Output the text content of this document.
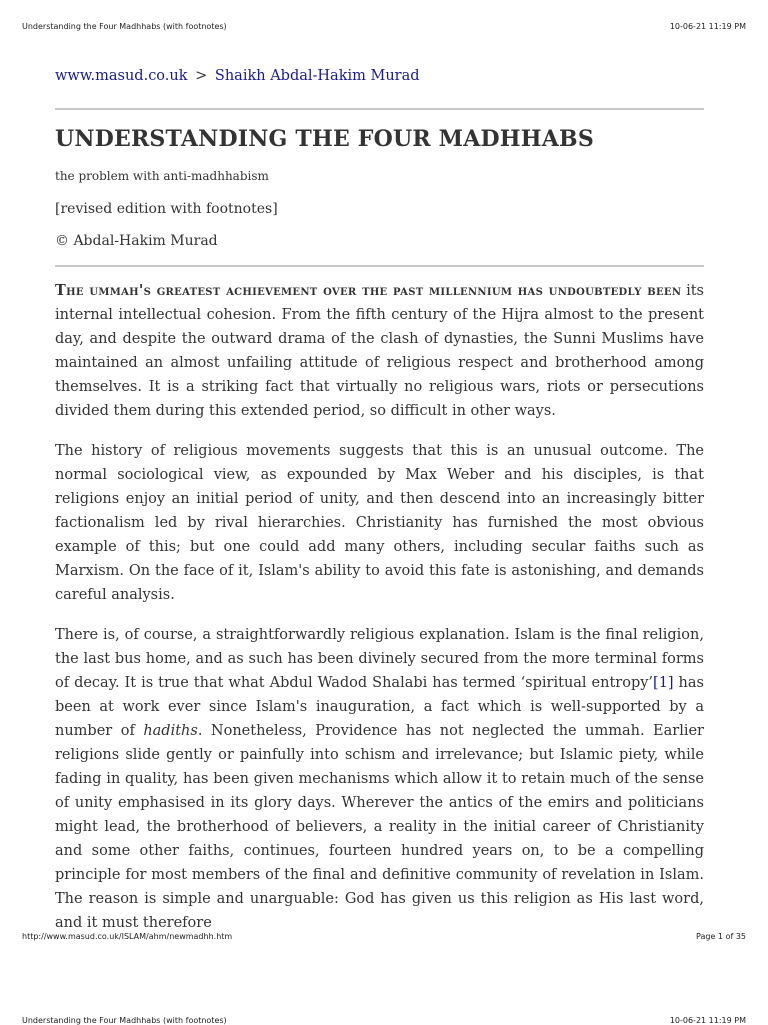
Understanding the Four Madhhabs (with footnotes)	10-06-21 11:19 PM
www.masud.co.uk > Shaikh Abdal-Hakim Murad
UNDERSTANDING THE FOUR MADHHABS
the problem with anti-madhhabism
[revised edition with footnotes]
© Abdal-Hakim Murad

The ummah's greatest achievement over the past millennium has undoubtedly been its internal intellectual cohesion. From the fifth century of the Hijra almost to the present day, and despite the outward drama of the clash of dynasties, the Sunni Muslims have maintained an almost unfailing attitude of religious respect and brotherhood among themselves. It is a striking fact that virtually no religious wars, riots or persecutions divided them during this extended period, so difficult in other ways.

The history of religious movements suggests that this is an unusual outcome. The normal sociological view, as expounded by Max Weber and his disciples, is that religions enjoy an initial period of unity, and then descend into an increasingly bitter factionalism led by rival hierarchies. Christianity has furnished the most obvious example of this; but one could add many others, including secular faiths such as Marxism. On the face of it, Islam's ability to avoid this fate is astonishing, and demands careful analysis.

There is, of course, a straightforwardly religious explanation. Islam is the final religion, the last bus home, and as such has been divinely secured from the more terminal forms of decay. It is true that what Abdul Wadod Shalabi has termed ‘spiritual entropy’[1] has been at work ever since Islam's inauguration, a fact which is well-supported by a number of hadiths. Nonetheless, Providence has not neglected the ummah. Earlier religions slide gently or painfully into schism and irrelevance; but Islamic piety, while fading in quality, has been given mechanisms which allow it to retain much of the sense of unity emphasised in its glory days. Wherever the antics of the emirs and politicians might lead, the brotherhood of believers, a reality in the initial career of Christianity and some other faiths, continues, fourteen hundred years on, to be a compelling principle for most members of the final and definitive community of revelation in Islam. The reason is simple and unarguable: God has given us this religion as His last word, and it must therefore

http://www.masud.co.uk/ISLAM/ahm/newmadhh.htm	Page 1 of 35
Understanding the Four Madhhabs (with footnotes)	10-06-21 11:19 PM
